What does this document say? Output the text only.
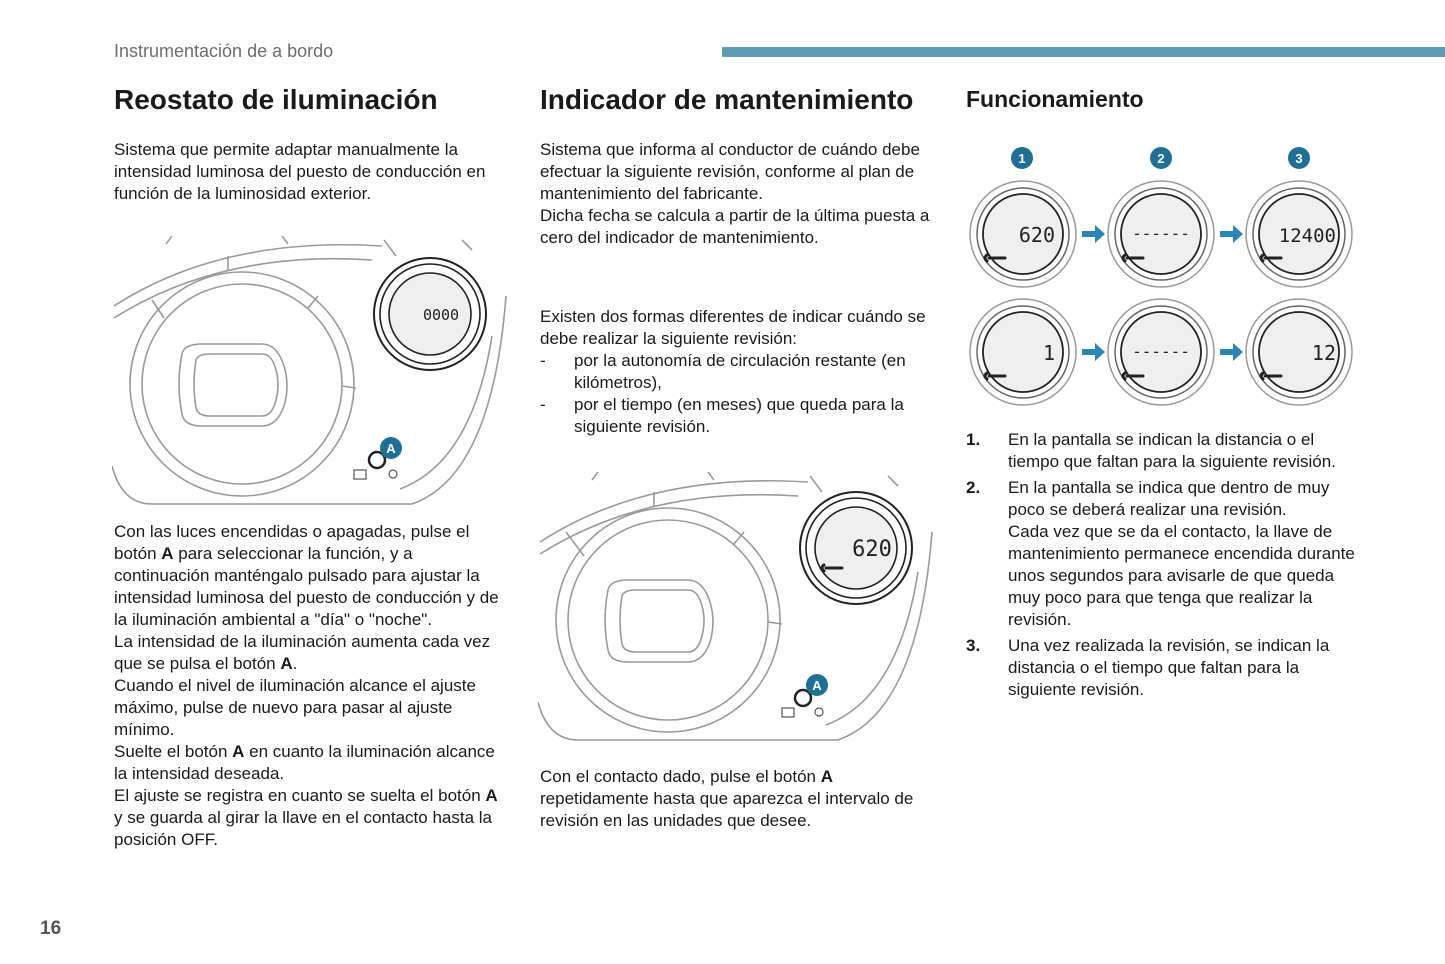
Instrumentación de a bordo
Reostato de iluminación
Sistema que permite adaptar manualmente la intensidad luminosa del puesto de conducción en función de la luminosidad exterior.
0000
A

Con las luces encendidas o apagadas, pulse el botón A para seleccionar la función, y a continuación manténgalo pulsado para ajustar la intensidad luminosa del puesto de conducción y de la iluminación ambiental a "día" o "noche".

La intensidad de la iluminación aumenta cada vez que se pulsa el botón A.

Cuando el nivel de iluminación alcance el ajuste máximo, pulse de nuevo para pasar al ajuste mínimo.

Suelte el botón A en cuanto la iluminación alcance la intensidad deseada.

El ajuste se registra en cuanto se suelta el botón A y se guarda al girar la llave en el contacto hasta la posición OFF.

Indicador de mantenimiento

Sistema que informa al conductor de cuándo debe efectuar la siguiente revisión, conforme al plan de mantenimiento del fabricante.

Dicha fecha se calcula a partir de la última puesta a cero del indicador de mantenimiento.

Existen dos formas diferentes de indicar cuándo se debe realizar la siguiente revisión:

- por la autonomía de circulación restante (en kilómetros),
- por el tiempo (en meses) que queda para la siguiente revisión.
620
A

Con el contacto dado, pulse el botón A repetidamente hasta que aparezca el intervalo de revisión en las unidades que desee.

Funcionamiento
1	2	3
620	------	12400
1	------	12
1. En la pantalla se indican la distancia o el tiempo que faltan para la siguiente revisión.

2. En la pantalla se indica que dentro de muy poco se deberá realizar una revisión.

Cada vez que se da el contacto, la llave de mantenimiento permanece encendida durante unos segundos para avisarle de que queda muy poco para que tenga que realizar la revisión.

3. Una vez realizada la revisión, se indican la distancia o el tiempo que faltan para la siguiente revisión.

16
